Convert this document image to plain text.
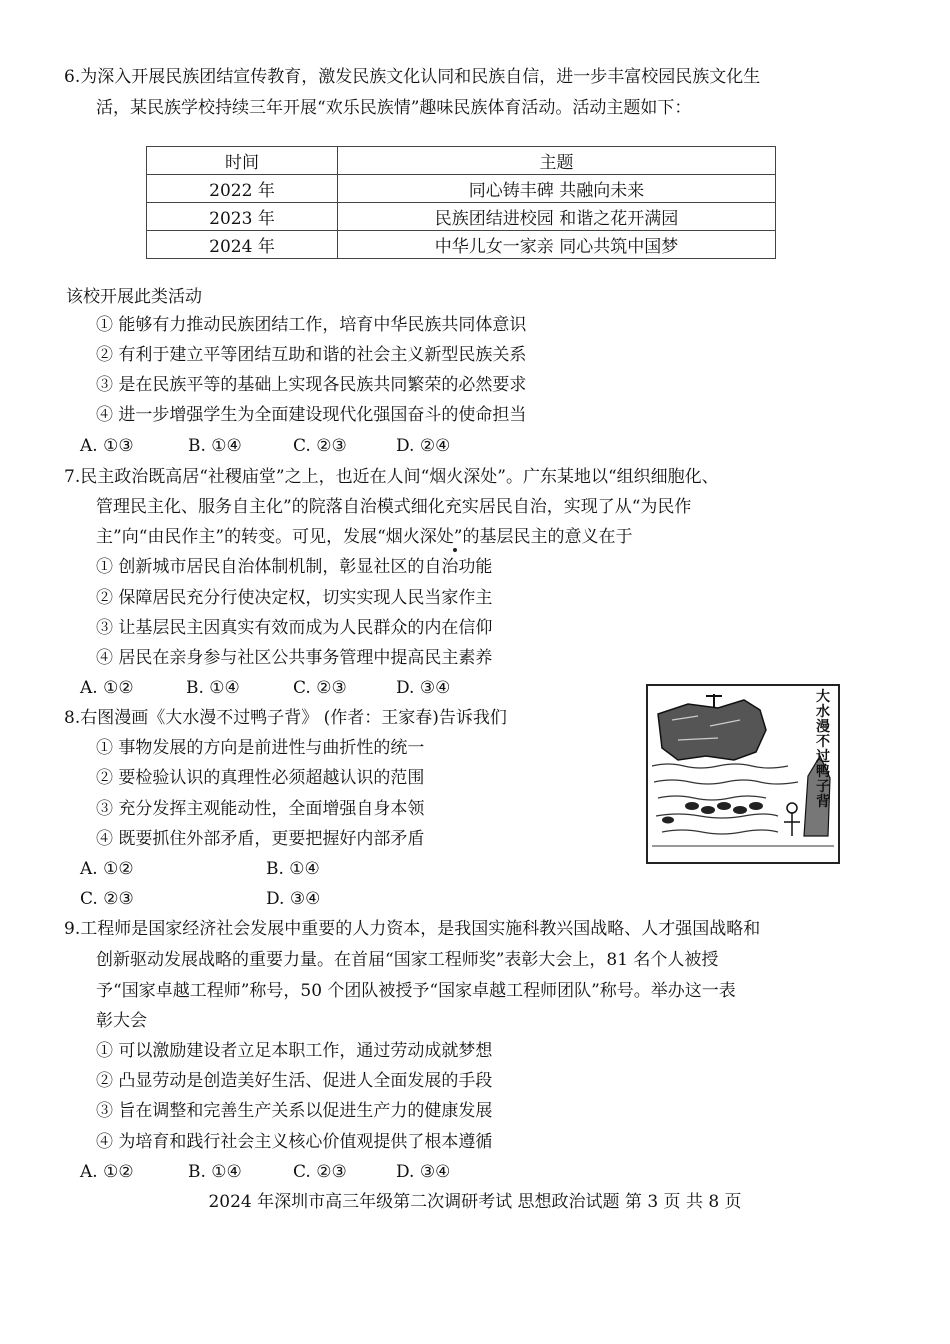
6.为深入开展民族团结宣传教育，激发民族文化认同和民族自信，进一步丰富校园民族文化生
活，某民族学校持续三年开展“欢乐民族情”趣味民族体育活动。活动主题如下：
时间	主题
2022 年	同心铸丰碑 共融向未来
2023 年	民族团结进校园 和谐之花开满园
2024 年	中华儿女一家亲 同心共筑中国梦
该校开展此类活动
① 能够有力推动民族团结工作，培育中华民族共同体意识
② 有利于建立平等团结互助和谐的社会主义新型民族关系
③ 是在民族平等的基础上实现各民族共同繁荣的必然要求
④ 进一步增强学生为全面建设现代化强国奋斗的使命担当
A. ①③	B. ①④	C. ②③	D. ②④
7.民主政治既高居“社稷庙堂”之上，也近在人间“烟火深处”。广东某地以“组织细胞化、
管理民主化、服务自主化”的院落自治模式细化充实居民自治，实现了从“为民作
主”向“由民作主”的转变。可见，发展“烟火深处”的基层民主的意义在于
① 创新城市居民自治体制机制，彰显社区的自治功能
② 保障居民充分行使决定权，切实实现人民当家作主
③ 让基层民主因真实有效而成为人民群众的内在信仰
④ 居民在亲身参与社区公共事务管理中提高民主素养
A. ①②	B. ①④	C. ②③	D. ③④
8.右图漫画《大水漫不过鸭子背》 (作者：王家春)告诉我们
① 事物发展的方向是前进性与曲折性的统一
② 要检验认识的真理性必须超越认识的范围
③ 充分发挥主观能动性，全面增强自身本领
④ 既要抓住外部矛盾，更要把握好内部矛盾
A. ①②	B. ①④
C. ②③	D. ③④
大水漫不过鸭子背
9.工程师是国家经济社会发展中重要的人力资本，是我国实施科教兴国战略、人才强国战略和
创新驱动发展战略的重要力量。在首届“国家工程师奖”表彰大会上，81 名个人被授
予“国家卓越工程师”称号，50 个团队被授予“国家卓越工程师团队”称号。举办这一表
彰大会
① 可以激励建设者立足本职工作，通过劳动成就梦想
② 凸显劳动是创造美好生活、促进人全面发展的手段
③ 旨在调整和完善生产关系以促进生产力的健康发展
④ 为培育和践行社会主义核心价值观提供了根本遵循
A. ①②	B. ①④	C. ②③	D. ③④
2024 年深圳市高三年级第二次调研考试 思想政治试题 第 3 页 共 8 页
